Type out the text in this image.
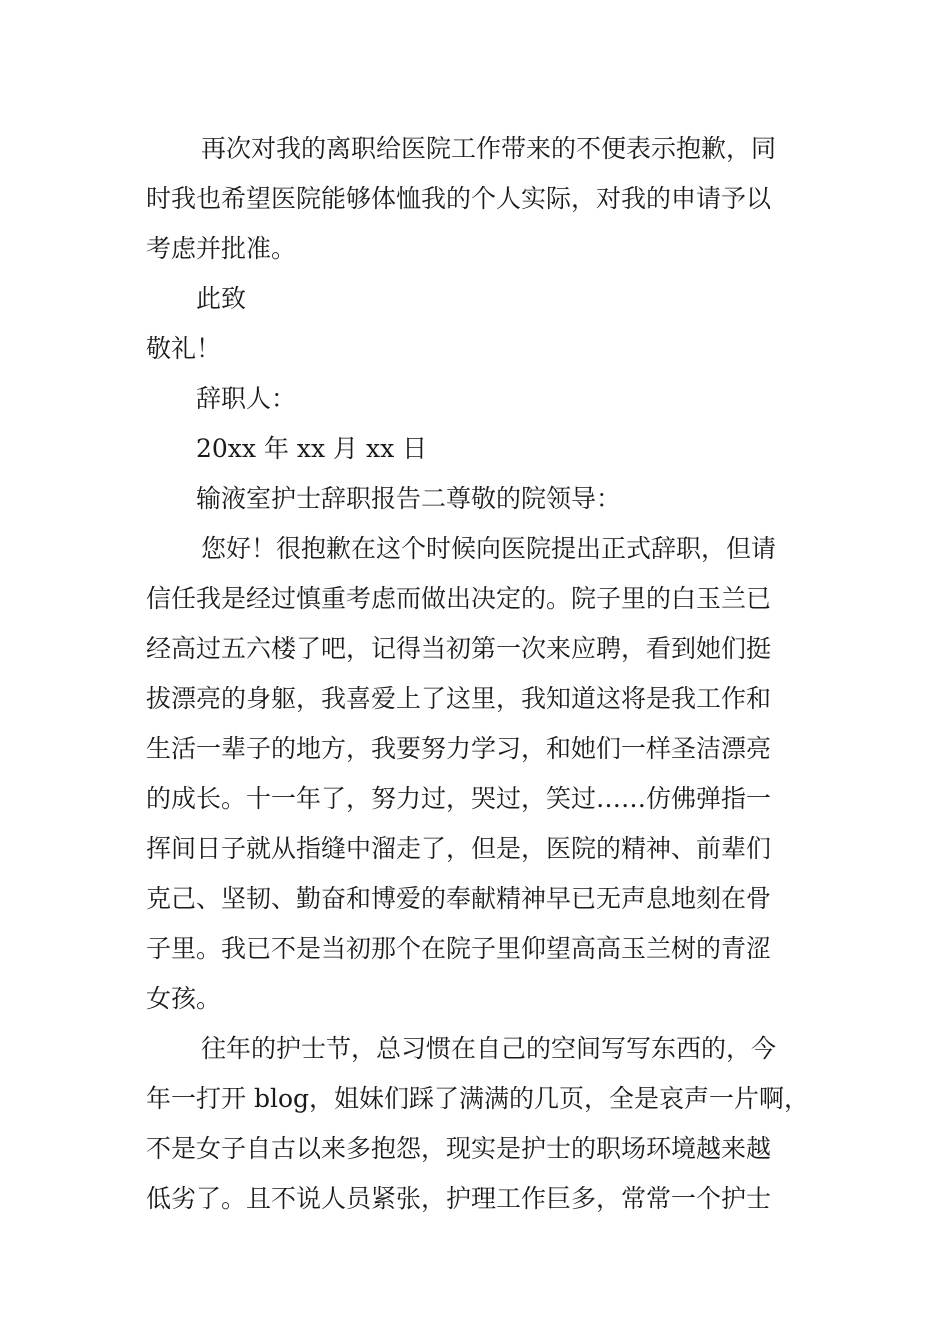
再次对我的离职给医院工作带来的不便表示抱歉，同

时我也希望医院能够体恤我的个人实际，对我的申请予以

考虑并批准。

此致

敬礼！

辞职人：

20xx 年 xx 月 xx 日

输液室护士辞职报告二尊敬的院领导：

您好！很抱歉在这个时候向医院提出正式辞职，但请

信任我是经过慎重考虑而做出决定的。院子里的白玉兰已

经高过五六楼了吧，记得当初第一次来应聘，看到她们挺

拔漂亮的身躯，我喜爱上了这里，我知道这将是我工作和

生活一辈子的地方，我要努力学习，和她们一样圣洁漂亮

的成长。十一年了，努力过，哭过，笑过……仿佛弹指一

挥间日子就从指缝中溜走了，但是，医院的精神、前辈们

克己、坚韧、勤奋和博爱的奉献精神早已无声息地刻在骨

子里。我已不是当初那个在院子里仰望高高玉兰树的青涩

女孩。

往年的护士节，总习惯在自己的空间写写东西的，今

年一打开 blog，姐妹们踩了满满的几页，全是哀声一片啊，

不是女子自古以来多抱怨，现实是护士的职场环境越来越

低劣了。且不说人员紧张，护理工作巨多，常常一个护士
